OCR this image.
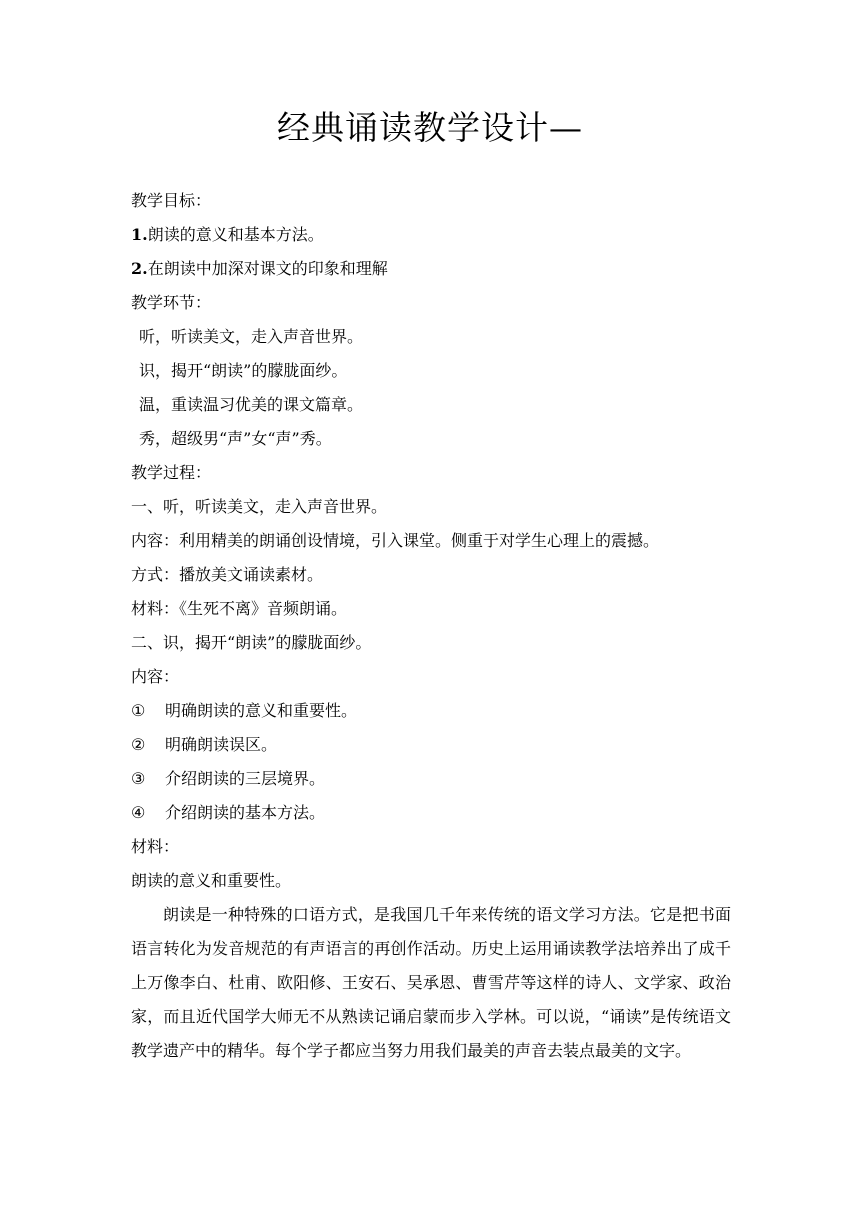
经典诵读教学设计—

教学目标：

1.朗读的意义和基本方法。

2.在朗读中加深对课文的印象和理解

教学环节：

听，听读美文，走入声音世界。

识，揭开“朗读”的朦胧面纱。

温，重读温习优美的课文篇章。

秀，超级男“声”女“声”秀。

教学过程：

一、听，听读美文，走入声音世界。

内容：利用精美的朗诵创设情境，引入课堂。侧重于对学生心理上的震撼。

方式：播放美文诵读素材。

材料：《生死不离》音频朗诵。

二、识，揭开“朗读”的朦胧面纱。

内容：

①	明确朗读的意义和重要性。

②	明确朗读误区。

③	介绍朗读的三层境界。

④	介绍朗读的基本方法。

材料：

朗读的意义和重要性。

朗读是一种特殊的口语方式，是我国几千年来传统的语文学习方法。它是把书面语言转化为发音规范的有声语言的再创作活动。历史上运用诵读教学法培养出了成千上万像李白、杜甫、欧阳修、王安石、吴承恩、曹雪芹等这样的诗人、文学家、政治家，而且近代国学大师无不从熟读记诵启蒙而步入学林。可以说，“诵读”是传统语文教学遗产中的精华。每个学子都应当努力用我们最美的声音去装点最美的文字。
